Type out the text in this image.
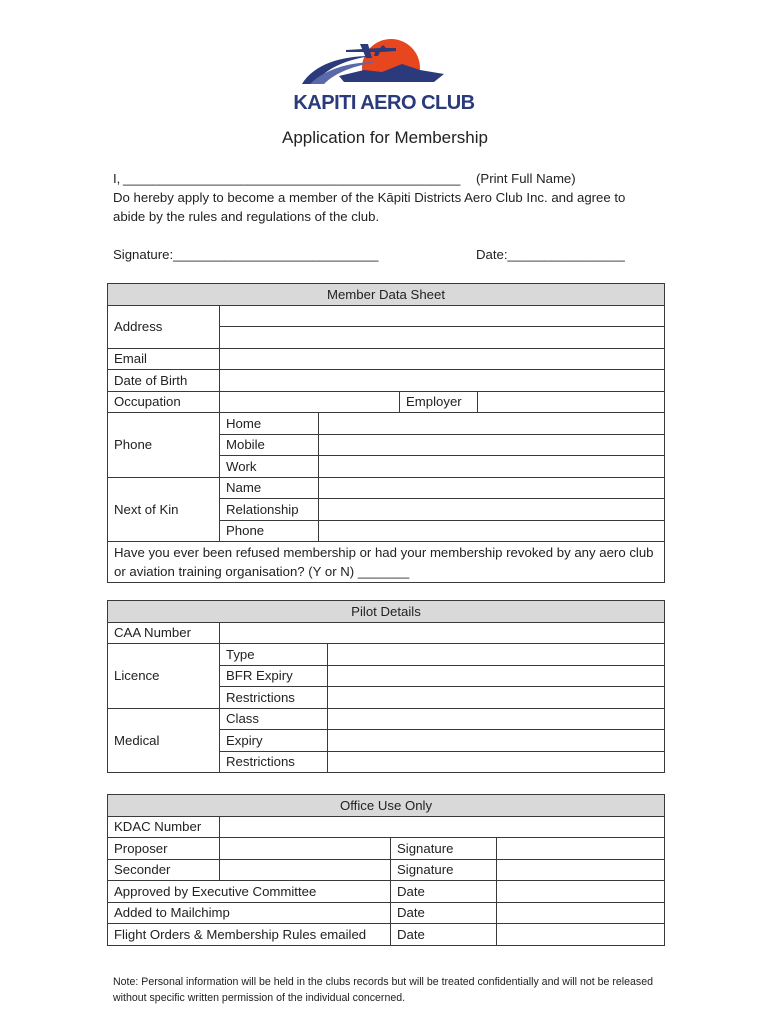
KAPITI AERO CLUB
Application for Membership
I, ______________________________________________ (Print Full Name)
Do hereby apply to become a member of the Kāpiti Districts Aero Club Inc. and agree to
abide by the rules and regulations of the club.
Signature:____________________________	Date:________________
Member Data Sheet				
Address				

Email				
Date of Birth				
Occupation			Employer	
Phone	Home			
	Mobile			
	Work			
Next of Kin	Name			
	Relationship			
	Phone			
Have you ever been refused membership or had your membership revoked by any aero club or aviation training organisation? (Y or N) _______				
Pilot Details		
CAA Number		
Licence	Type	
	BFR Expiry	
	Restrictions	
Medical	Class	
	Expiry	
	Restrictions	
Office Use Only			
KDAC Number			
Proposer		Signature	
Seconder		Signature	
Approved by Executive Committee		Date	
Added to Mailchimp		Date	
Flight Orders & Membership Rules emailed		Date	
Note: Personal information will be held in the clubs records but will be treated confidentially and will not be released without specific written permission of the individual concerned.
